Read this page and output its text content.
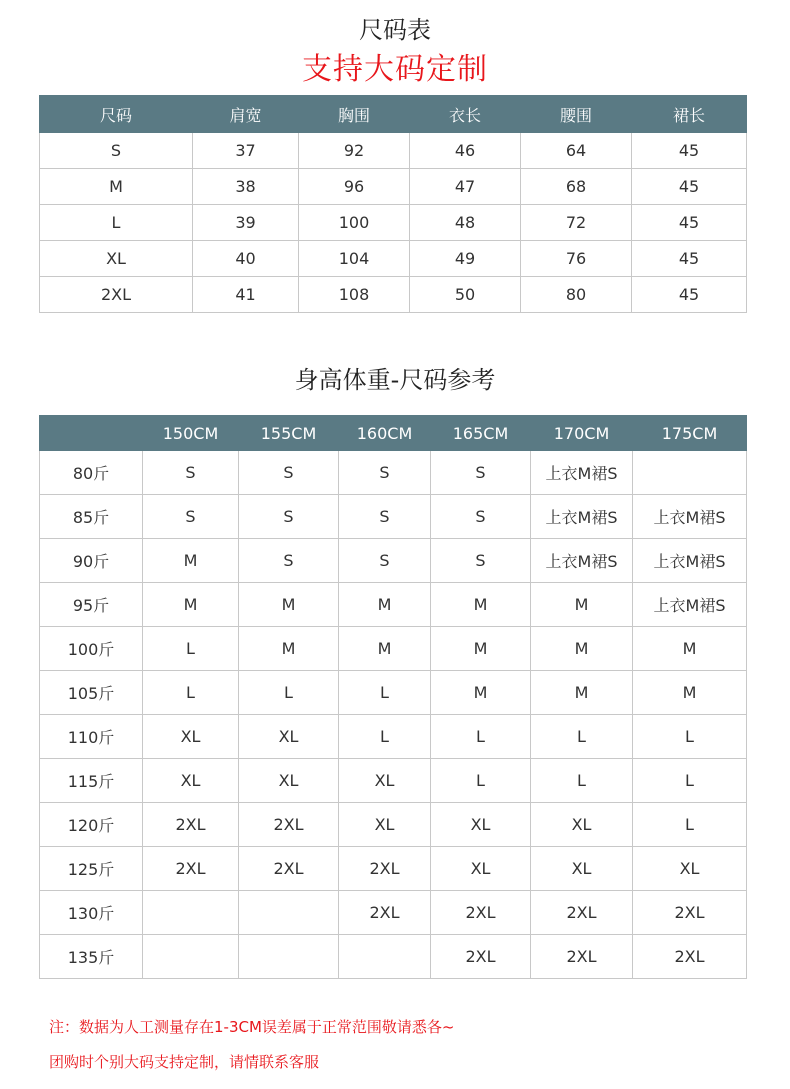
尺码表
支持大码定制
尺码	肩宽	胸围	衣长	腰围	裙长
S	37	92	46	64	45
M	38	96	47	68	45
L	39	100	48	72	45
XL	40	104	49	76	45
2XL	41	108	50	80	45
身高体重-尺码参考
	150CM	155CM	160CM	165CM	170CM	175CM
80斤	S	S	S	S	上衣M裙S	
85斤	S	S	S	S	上衣M裙S	上衣M裙S
90斤	M	S	S	S	上衣M裙S	上衣M裙S
95斤	M	M	M	M	M	上衣M裙S
100斤	L	M	M	M	M	M
105斤	L	L	L	M	M	M
110斤	XL	XL	L	L	L	L
115斤	XL	XL	XL	L	L	L
120斤	2XL	2XL	XL	XL	XL	L
125斤	2XL	2XL	2XL	XL	XL	XL
130斤			2XL	2XL	2XL	2XL
135斤				2XL	2XL	2XL
注：数据为人工测量存在1-3CM误差属于正常范围敬请悉各~
团购时个别大码支持定制，请情联系客服
